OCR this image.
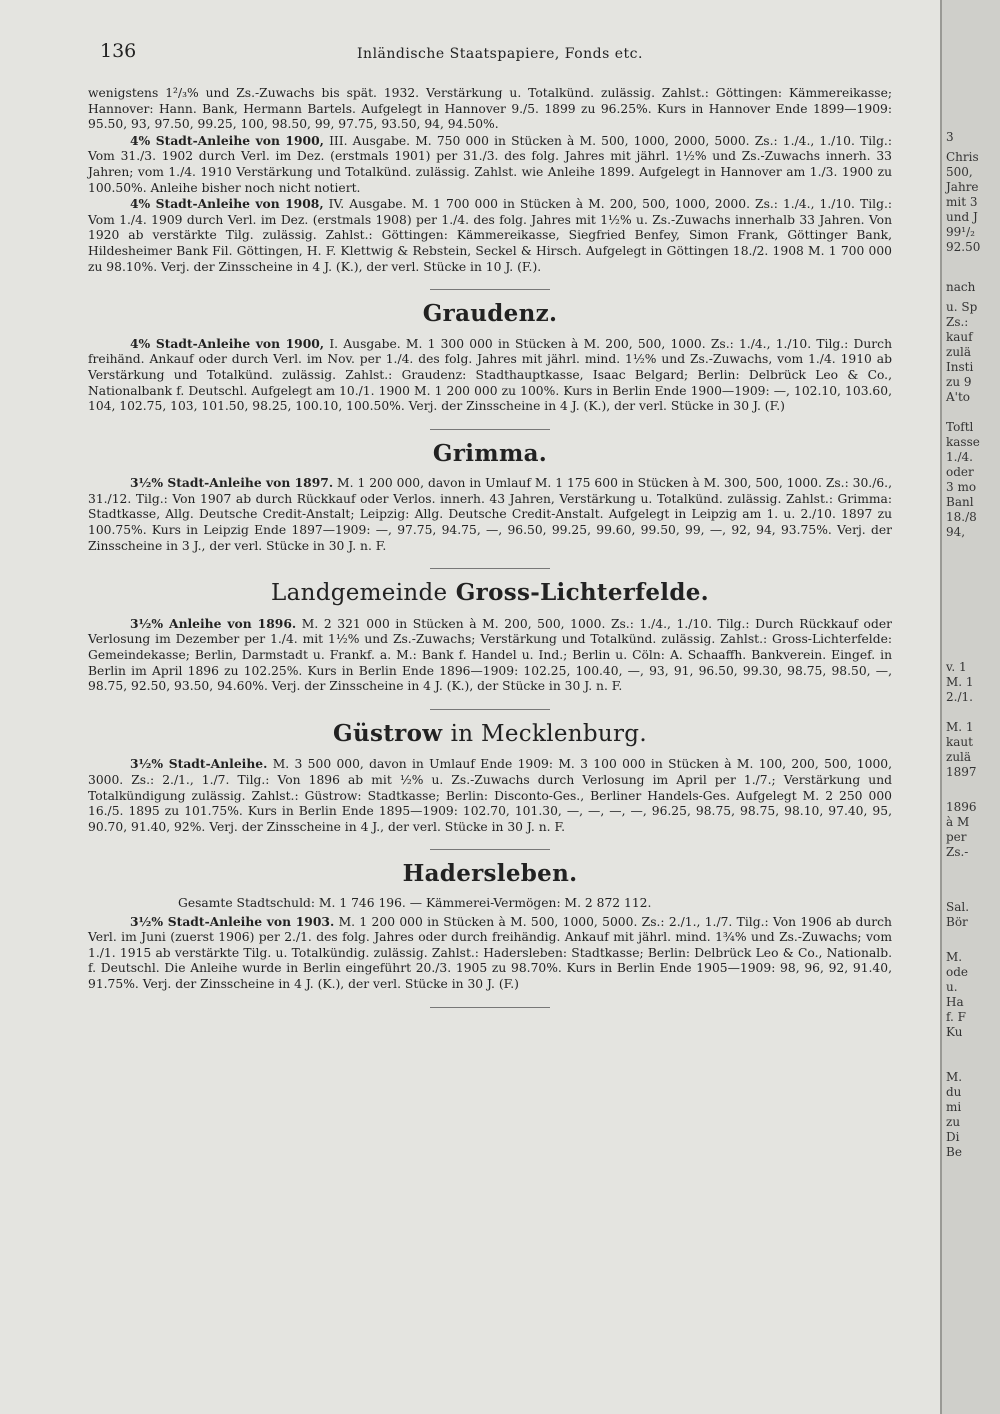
136	Inländische Staatspapiere, Fonds etc.

wenigstens 1²/₃% und Zs.-Zuwachs bis spät. 1932. Verstärkung u. Totalkünd. zulässig. Zahlst.: Göttingen: Kämmereikasse; Hannover: Hann. Bank, Hermann Bartels. Aufgelegt in Hannover 9./5. 1899 zu 96.25%. Kurs in Hannover Ende 1899—1909: 95.50, 93, 97.50, 99.25, 100, 98.50, 99, 97.75, 93.50, 94, 94.50%.

4% Stadt-Anleihe von 1900, III. Ausgabe. M. 750 000 in Stücken à M. 500, 1000, 2000, 5000. Zs.: 1./4., 1./10. Tilg.: Vom 31./3. 1902 durch Verl. im Dez. (erstmals 1901) per 31./3. des folg. Jahres mit jährl. 1½% und Zs.-Zuwachs innerh. 33 Jahren; vom 1./4. 1910 Verstärkung und Totalkünd. zulässig. Zahlst. wie Anleihe 1899. Aufgelegt in Hannover am 1./3. 1900 zu 100.50%. Anleihe bisher noch nicht notiert.

4% Stadt-Anleihe von 1908, IV. Ausgabe. M. 1 700 000 in Stücken à M. 200, 500, 1000, 2000. Zs.: 1./4., 1./10. Tilg.: Vom 1./4. 1909 durch Verl. im Dez. (erstmals 1908) per 1./4. des folg. Jahres mit 1½% u. Zs.-Zuwachs innerhalb 33 Jahren. Von 1920 ab verstärkte Tilg. zulässig. Zahlst.: Göttingen: Kämmereikasse, Siegfried Benfey, Simon Frank, Göttinger Bank, Hildesheimer Bank Fil. Göttingen, H. F. Klettwig & Rebstein, Seckel & Hirsch. Aufgelegt in Göttingen 18./2. 1908 M. 1 700 000 zu 98.10%. Verj. der Zinsscheine in 4 J. (K.), der verl. Stücke in 10 J. (F.).

Graudenz.

4% Stadt-Anleihe von 1900, I. Ausgabe. M. 1 300 000 in Stücken à M. 200, 500, 1000. Zs.: 1./4., 1./10. Tilg.: Durch freihänd. Ankauf oder durch Verl. im Nov. per 1./4. des folg. Jahres mit jährl. mind. 1½% und Zs.-Zuwachs, vom 1./4. 1910 ab Verstärkung und Totalkünd. zulässig. Zahlst.: Graudenz: Stadthauptkasse, Isaac Belgard; Berlin: Delbrück Leo & Co., Nationalbank f. Deutschl. Aufgelegt am 10./1. 1900 M. 1 200 000 zu 100%. Kurs in Berlin Ende 1900—1909: —, 102.10, 103.60, 104, 102.75, 103, 101.50, 98.25, 100.10, 100.50%. Verj. der Zinsscheine in 4 J. (K.), der verl. Stücke in 30 J. (F.)

Grimma.

3½% Stadt-Anleihe von 1897. M. 1 200 000, davon in Umlauf M. 1 175 600 in Stücken à M. 300, 500, 1000. Zs.: 30./6., 31./12. Tilg.: Von 1907 ab durch Rückkauf oder Verlos. innerh. 43 Jahren, Verstärkung u. Totalkünd. zulässig. Zahlst.: Grimma: Stadtkasse, Allg. Deutsche Credit-Anstalt; Leipzig: Allg. Deutsche Credit-Anstalt. Aufgelegt in Leipzig am 1. u. 2./10. 1897 zu 100.75%. Kurs in Leipzig Ende 1897—1909: —, 97.75, 94.75, —, 96.50, 99.25, 99.60, 99.50, 99, —, 92, 94, 93.75%. Verj. der Zinsscheine in 3 J., der verl. Stücke in 30 J. n. F.

Landgemeinde Gross-Lichterfelde.

3½% Anleihe von 1896. M. 2 321 000 in Stücken à M. 200, 500, 1000. Zs.: 1./4., 1./10. Tilg.: Durch Rückkauf oder Verlosung im Dezember per 1./4. mit 1½% und Zs.-Zuwachs; Verstärkung und Totalkünd. zulässig. Zahlst.: Gross-Lichterfelde: Gemeindekasse; Berlin, Darmstadt u. Frankf. a. M.: Bank f. Handel u. Ind.; Berlin u. Cöln: A. Schaaffh. Bankverein. Eingef. in Berlin im April 1896 zu 102.25%. Kurs in Berlin Ende 1896—1909: 102.25, 100.40, —, 93, 91, 96.50, 99.30, 98.75, 98.50, —, 98.75, 92.50, 93.50, 94.60%. Verj. der Zinsscheine in 4 J. (K.), der Stücke in 30 J. n. F.

Güstrow in Mecklenburg.

3½% Stadt-Anleihe. M. 3 500 000, davon in Umlauf Ende 1909: M. 3 100 000 in Stücken à M. 100, 200, 500, 1000, 3000. Zs.: 2./1., 1./7. Tilg.: Von 1896 ab mit ½% u. Zs.-Zuwachs durch Verlosung im April per 1./7.; Verstärkung und Totalkündigung zulässig. Zahlst.: Güstrow: Stadtkasse; Berlin: Disconto-Ges., Berliner Handels-Ges. Aufgelegt M. 2 250 000 16./5. 1895 zu 101.75%. Kurs in Berlin Ende 1895—1909: 102.70, 101.30, —, —, —, —, 96.25, 98.75, 98.75, 98.10, 97.40, 95, 90.70, 91.40, 92%. Verj. der Zinsscheine in 4 J., der verl. Stücke in 30 J. n. F.

Hadersleben.

Gesamte Stadtschuld: M. 1 746 196. — Kämmerei-Vermögen: M. 2 872 112.

3½% Stadt-Anleihe von 1903. M. 1 200 000 in Stücken à M. 500, 1000, 5000. Zs.: 2./1., 1./7. Tilg.: Von 1906 ab durch Verl. im Juni (zuerst 1906) per 2./1. des folg. Jahres oder durch freihändig. Ankauf mit jährl. mind. 1¾% und Zs.-Zuwachs; vom 1./1. 1915 ab verstärkte Tilg. u. Totalkündig. zulässig. Zahlst.: Hadersleben: Stadtkasse; Berlin: Delbrück Leo & Co., Nationalb. f. Deutschl. Die Anleihe wurde in Berlin eingeführt 20./3. 1905 zu 98.70%. Kurs in Berlin Ende 1905—1909: 98, 96, 92, 91.40, 91.75%. Verj. der Zinsscheine in 4 J. (K.), der verl. Stücke in 30 J. (F.)

3
Chris
500,
Jahre
mit 3
und J
99¹/₂
92.50
nach
u. Sp
Zs.:
kauf
zulä
Insti
zu 9
A'to
Toftl
kasse
1./4.
oder
3 mo
Banl
18./8
94,
v. 1
M. 1
2./1.
M. 1
kaut
zulä
1897
1896
à M
per
Zs.-
Sal.
Bör
M.
ode
u.
Ha
f. F
Ku
M.
du
mi
zu
Di
Be
